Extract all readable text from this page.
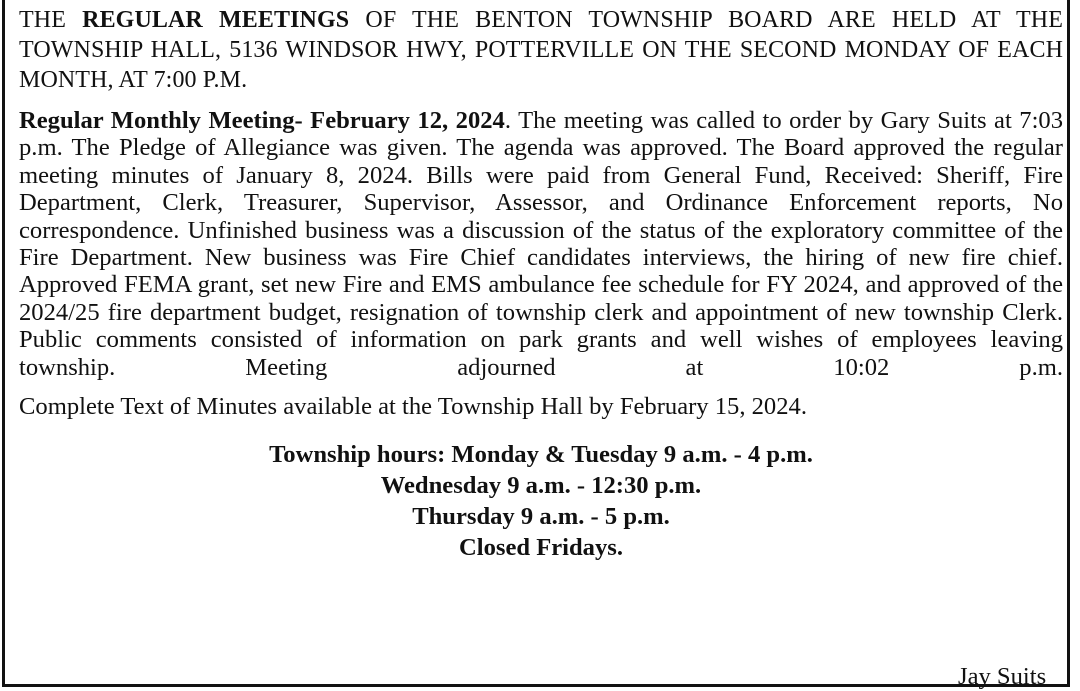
THE REGULAR MEETINGS OF THE BENTON TOWNSHIP BOARD ARE HELD AT THE TOWNSHIP HALL, 5136 WINDSOR HWY, POTTERVILLE ON THE SECOND MONDAY OF EACH MONTH, AT 7:00 P.M.

Regular Monthly Meeting- February 12, 2024. The meeting was called to order by Gary Suits at 7:03 p.m. The Pledge of Allegiance was given. The agenda was approved. The Board approved the regular meeting minutes of January 8, 2024. Bills were paid from General Fund, Received: Sheriff, Fire Department, Clerk, Treasurer, Supervisor, Assessor, and Ordinance Enforcement reports, No correspondence. Unfinished business was a discussion of the status of the exploratory committee of the Fire Department. New business was Fire Chief candidates interviews, the hiring of new fire chief. Approved FEMA grant, set new Fire and EMS ambulance fee schedule for FY 2024, and approved of the 2024/25 fire department budget, resignation of township clerk and appointment of new township Clerk. Public comments consisted of information on park grants and well wishes of employees leaving township. Meeting adjourned at 10:02 p.m.

Complete Text of Minutes available at the Township Hall by February 15, 2024.

Township hours: Monday & Tuesday 9 a.m. - 4 p.m.
Wednesday 9 a.m. - 12:30 p.m.
Thursday 9 a.m. - 5 p.m.
Closed Fridays.
Jay Suits
